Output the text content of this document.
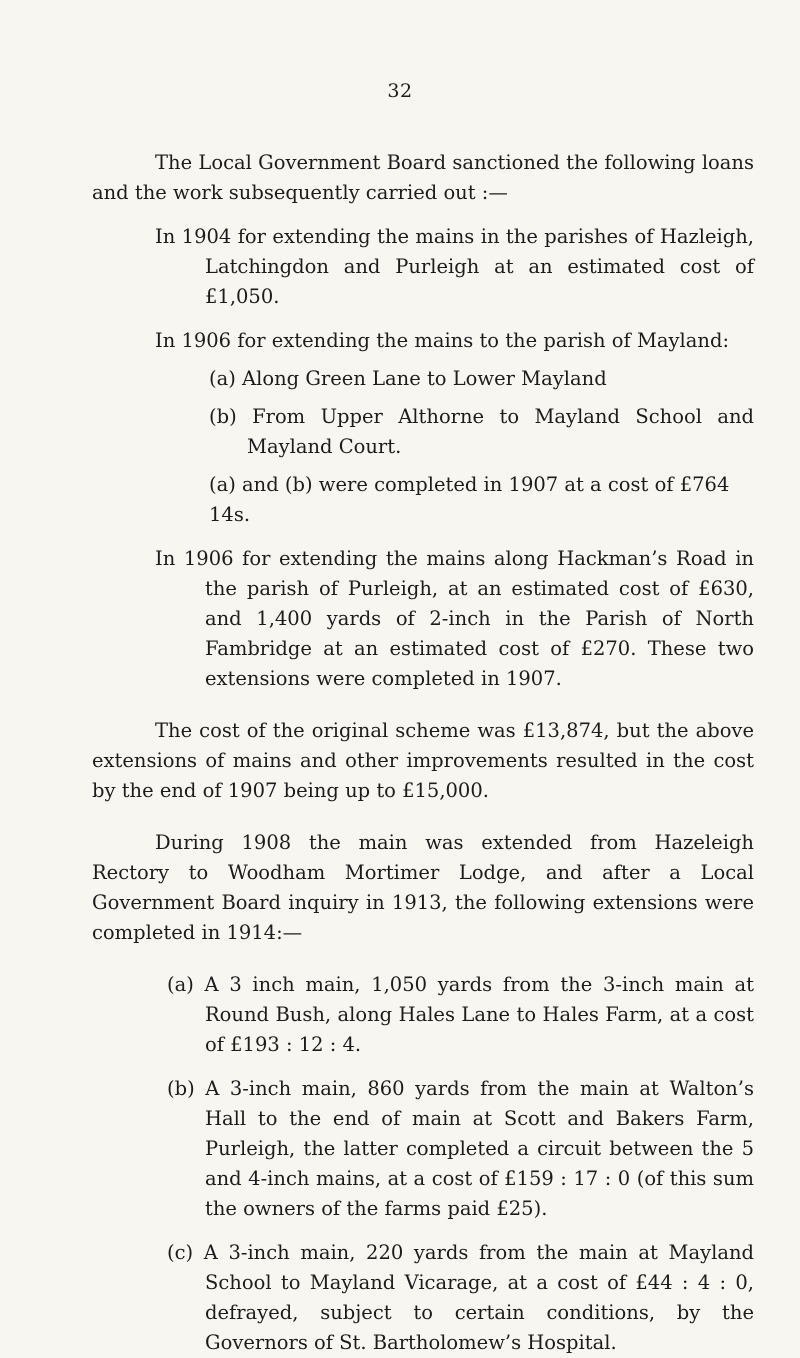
32

The Local Government Board sanctioned the following loans and the work subsequently carried out :—

In 1904 for extending the mains in the parishes of Hazleigh, Latchingdon and Purleigh at an estimated cost of £1,050.

In 1906 for extending the mains to the parish of Mayland:

(a) Along Green Lane to Lower Mayland

(b) From Upper Althorne to Mayland School and Mayland Court.

(a) and (b) were completed in 1907 at a cost of £764 14s.

In 1906 for extending the mains along Hackman’s Road in the parish of Purleigh, at an estimated cost of £630, and 1,400 yards of 2-inch in the Parish of North Fambridge at an estimated cost of £270. These two extensions were completed in 1907.

The cost of the original scheme was £13,874, but the above extensions of mains and other improvements resulted in the cost by the end of 1907 being up to £15,000.

During 1908 the main was extended from Hazeleigh Rectory to Woodham Mortimer Lodge, and after a Local Government Board inquiry in 1913, the following extensions were completed in 1914:—

(a) A 3 inch main, 1,050 yards from the 3-inch main at Round Bush, along Hales Lane to Hales Farm, at a cost of £193 : 12 : 4.

(b) A 3-inch main, 860 yards from the main at Walton’s Hall to the end of main at Scott and Bakers Farm, Purleigh, the latter completed a circuit between the 5 and 4-inch mains, at a cost of £159 : 17 : 0 (of this sum the owners of the farms paid £25).

(c) A 3-inch main, 220 yards from the main at Mayland School to Mayland Vicarage, at a cost of £44 : 4 : 0, defrayed, subject to certain conditions, by the Governors of St. Bartholomew’s Hospital.
